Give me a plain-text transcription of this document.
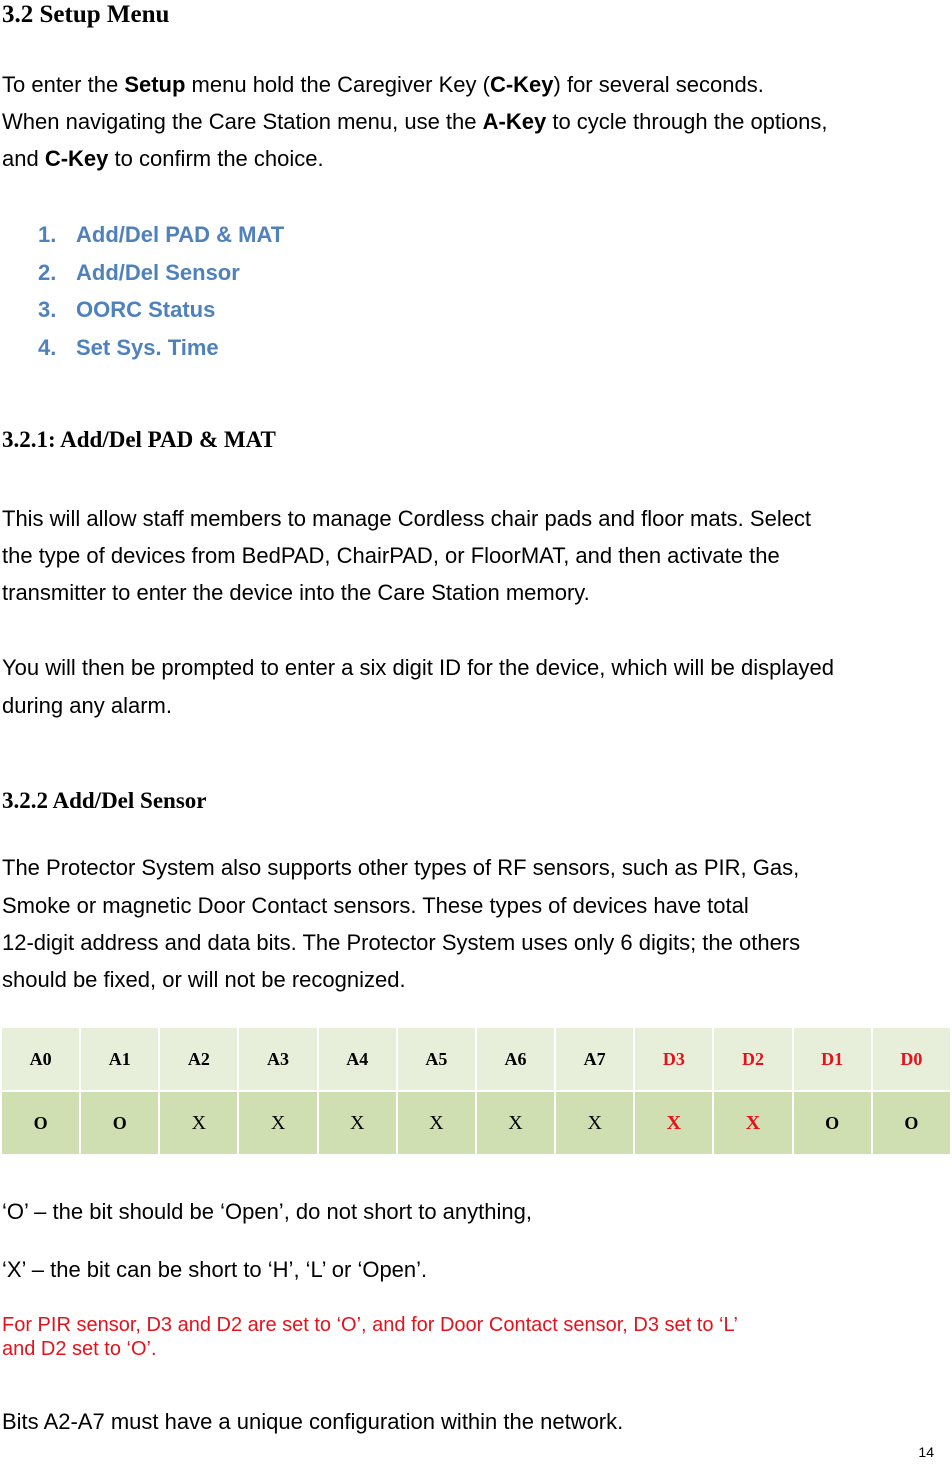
3.2 Setup Menu
To enter the Setup menu hold the Caregiver Key (C-Key) for several seconds.
When navigating the Care Station menu, use the A-Key to cycle through the options,
and C-Key to confirm the choice.
1. Add/Del PAD & MAT
2. Add/Del Sensor
3. OORC Status
4. Set Sys. Time
3.2.1: Add/Del PAD & MAT
This will allow staff members to manage Cordless chair pads and floor mats. Select
the type of devices from BedPAD, ChairPAD, or FloorMAT, and then activate the
transmitter to enter the device into the Care Station memory.
You will then be prompted to enter a six digit ID for the device, which will be displayed
during any alarm.
3.2.2 Add/Del Sensor
The Protector System also supports other types of RF sensors, such as PIR, Gas,
Smoke or magnetic Door Contact sensors. These types of devices have total
12-digit address and data bits. The Protector System uses only 6 digits; the others
should be fixed, or will not be recognized.
A0	A1	A2	A3	A4	A5	A6	A7	D3	D2	D1	D0
O	O	X	X	X	X	X	X	X	X	O	O
‘O’ – the bit should be ‘Open’, do not short to anything,
‘X’ – the bit can be short to ‘H’, ‘L’ or ‘Open’.
For PIR sensor, D3 and D2 are set to ‘O’, and for Door Contact sensor, D3 set to ‘L’
and D2 set to ‘O’.
Bits A2-A7 must have a unique configuration within the network.
14
